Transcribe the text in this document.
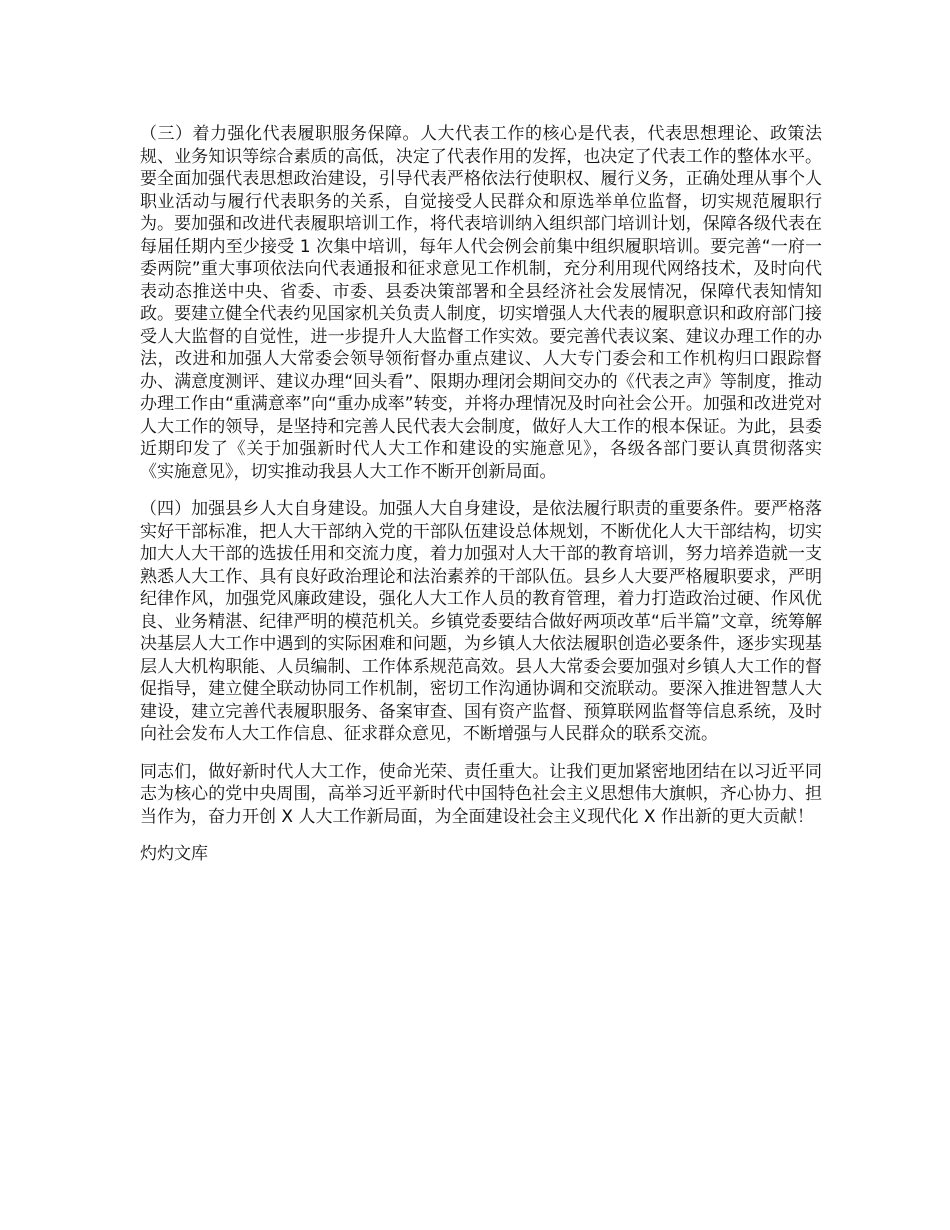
（三）着力强化代表履职服务保障。人大代表工作的核心是代表，代表思想理论、政策法规、业务知识等综合素质的高低，决定了代表作用的发挥，也决定了代表工作的整体水平。要全面加强代表思想政治建设，引导代表严格依法行使职权、履行义务，正确处理从事个人职业活动与履行代表职务的关系，自觉接受人民群众和原选举单位监督，切实规范履职行为。要加强和改进代表履职培训工作，将代表培训纳入组织部门培训计划，保障各级代表在每届任期内至少接受 1 次集中培训，每年人代会例会前集中组织履职培训。要完善“一府一委两院”重大事项依法向代表通报和征求意见工作机制，充分利用现代网络技术，及时向代表动态推送中央、省委、市委、县委决策部署和全县经济社会发展情况，保障代表知情知政。要建立健全代表约见国家机关负责人制度，切实增强人大代表的履职意识和政府部门接受人大监督的自觉性，进一步提升人大监督工作实效。要完善代表议案、建议办理工作的办法，改进和加强人大常委会领导领衔督办重点建议、人大专门委会和工作机构归口跟踪督办、满意度测评、建议办理“回头看”、限期办理闭会期间交办的《代表之声》等制度，推动办理工作由“重满意率”向“重办成率”转变，并将办理情况及时向社会公开。加强和改进党对人大工作的领导，是坚持和完善人民代表大会制度，做好人大工作的根本保证。为此，县委近期印发了《关于加强新时代人大工作和建设的实施意见》，各级各部门要认真贯彻落实《实施意见》，切实推动我县人大工作不断开创新局面。

（四）加强县乡人大自身建设。加强人大自身建设，是依法履行职责的重要条件。要严格落实好干部标准，把人大干部纳入党的干部队伍建设总体规划，不断优化人大干部结构，切实加大人大干部的选拔任用和交流力度，着力加强对人大干部的教育培训，努力培养造就一支熟悉人大工作、具有良好政治理论和法治素养的干部队伍。县乡人大要严格履职要求，严明纪律作风，加强党风廉政建设，强化人大工作人员的教育管理，着力打造政治过硬、作风优良、业务精湛、纪律严明的模范机关。乡镇党委要结合做好两项改革“后半篇”文章，统筹解决基层人大工作中遇到的实际困难和问题，为乡镇人大依法履职创造必要条件，逐步实现基层人大机构职能、人员编制、工作体系规范高效。县人大常委会要加强对乡镇人大工作的督促指导，建立健全联动协同工作机制，密切工作沟通协调和交流联动。要深入推进智慧人大建设，建立完善代表履职服务、备案审查、国有资产监督、预算联网监督等信息系统，及时向社会发布人大工作信息、征求群众意见，不断增强与人民群众的联系交流。

同志们，做好新时代人大工作，使命光荣、责任重大。让我们更加紧密地团结在以习近平同志为核心的党中央周围，高举习近平新时代中国特色社会主义思想伟大旗帜，齐心协力、担当作为，奋力开创 X 人大工作新局面，为全面建设社会主义现代化 X 作出新的更大贡献！

灼灼文库
